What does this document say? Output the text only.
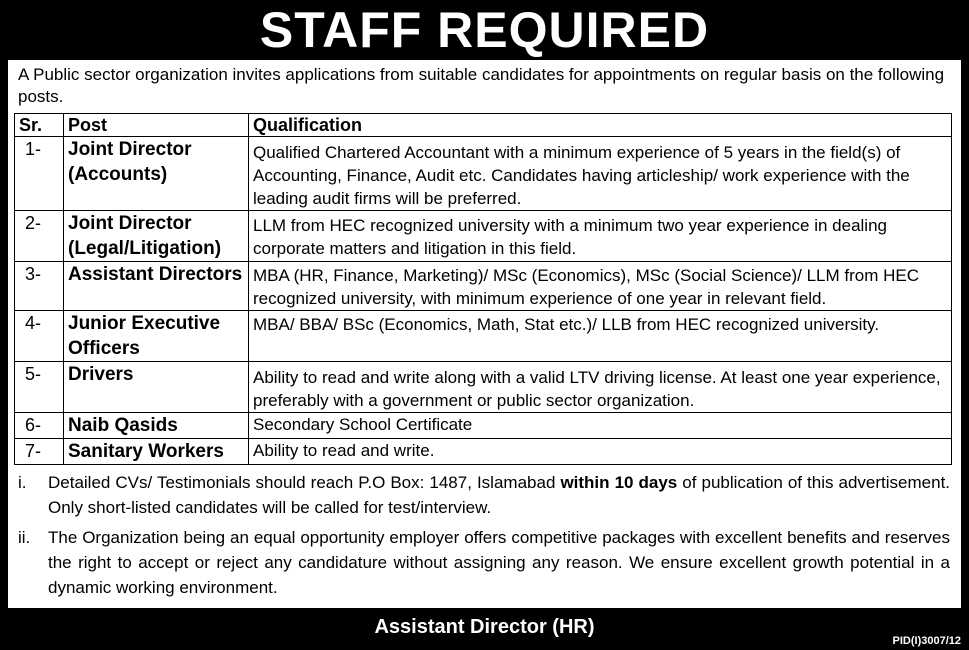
STAFF REQUIRED
A Public sector organization invites applications from suitable candidates for appointments on regular basis on the following posts.
Sr.	Post	Qualification
1-	Joint Director (Accounts)	Qualified Chartered Accountant with a minimum experience of 5 years in the field(s) of Accounting, Finance, Audit etc. Candidates having articleship/ work experience with the leading audit firms will be preferred.
2-	Joint Director (Legal/Litigation)	LLM from HEC recognized university with a minimum two year experience in dealing corporate matters and litigation in this field.
3-	Assistant Directors	MBA (HR, Finance, Marketing)/ MSc (Economics), MSc (Social Science)/ LLM from HEC recognized university, with minimum experience of one year in relevant field.
4-	Junior Executive Officers	MBA/ BBA/ BSc (Economics, Math, Stat etc.)/ LLB from HEC recognized university.
5-	Drivers	Ability to read and write along with a valid LTV driving license. At least one year experience, preferably with a government or public sector organization.
6-	Naib Qasids	Secondary School Certificate
7-	Sanitary Workers	Ability to read and write.
i.	Detailed CVs/ Testimonials should reach P.O Box: 1487, Islamabad within 10 days of publication of this advertisement. Only short-listed candidates will be called for test/interview.
ii.	The Organization being an equal opportunity employer offers competitive packages with excellent benefits and reserves the right to accept or reject any candidature without assigning any reason. We ensure excellent growth potential in a dynamic working environment.
Assistant Director (HR)
PID(I)3007/12
